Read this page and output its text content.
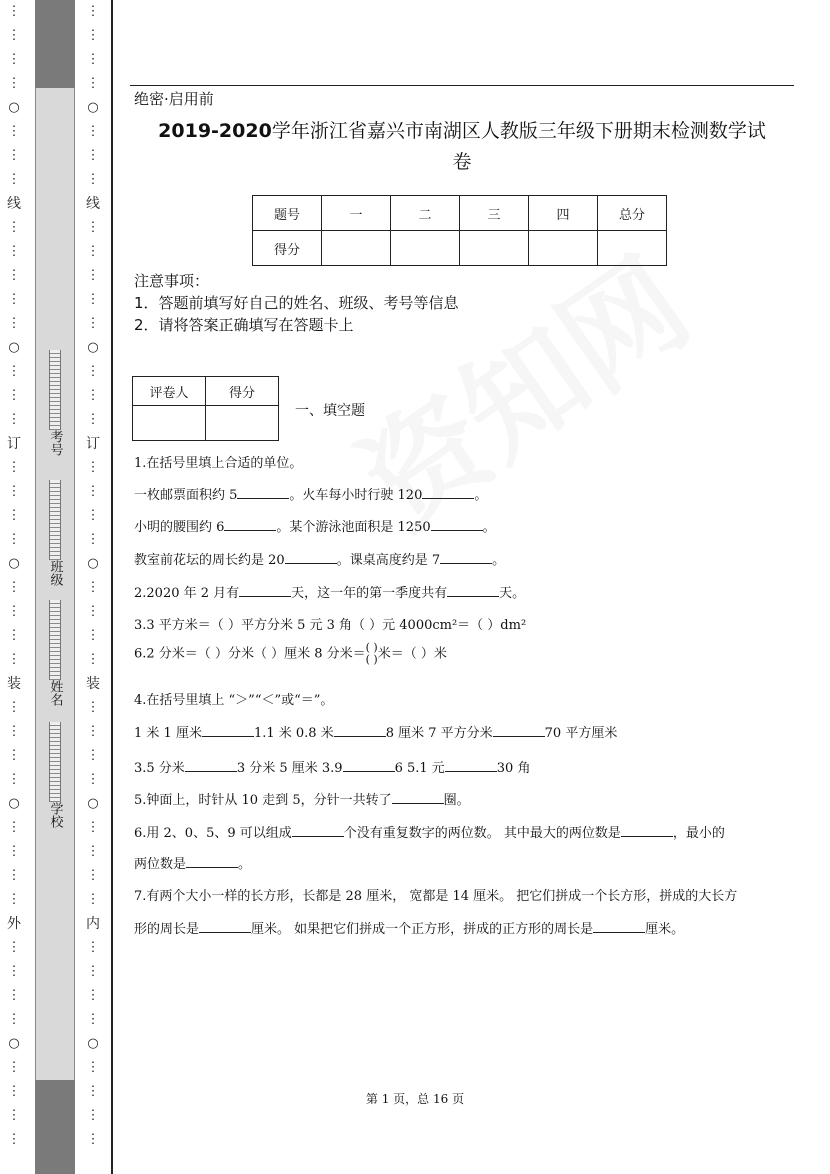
⋮
⋮
⋮
⋮
○
⋮
⋮
⋮
线
⋮
⋮
⋮
⋮
⋮
○
⋮
⋮
⋮
订
⋮
⋮
⋮
⋮
○
⋮
⋮
⋮
⋮
装
⋮
⋮
⋮
⋮
○
⋮
⋮
⋮
⋮
外
⋮
⋮
⋮
⋮
○
⋮
⋮
⋮
⋮
考号
班级
姓名
学校
⋮
⋮
⋮
⋮
○
⋮
⋮
⋮
线
⋮
⋮
⋮
⋮
⋮
○
⋮
⋮
⋮
订
⋮
⋮
⋮
⋮
○
⋮
⋮
⋮
⋮
装
⋮
⋮
⋮
⋮
○
⋮
⋮
⋮
⋮
内
⋮
⋮
⋮
⋮
○
⋮
⋮
⋮
⋮
绝密·启用前
2019-2020学年浙江省嘉兴市南湖区人教版三年级下册期末检测数学试
卷
题号	一	二	三	四	总分
得分					
注意事项：
1．答题前填写好自己的姓名、班级、考号等信息
2．请将答案正确填写在答题卡上
评卷人	得分

一、填空题
1.在括号里填上合适的单位。
一枚邮票面积约 5	。火车每小时行驶 120	。
小明的腰围约 6	。某个游泳池面积是 1250	。
教室前花坛的周长约是 20	。课桌高度约是 7	。
2.2020 年 2 月有	天，这一年的第一季度共有	天。
3.3 平方米＝（ ）平方分米 5 元 3 角（ ）元 4000cm²＝（ ）dm²
6.2 分米＝（ ）分米（ ）厘米 8 分米＝( )
( )米＝（ ）米
4.在括号里填上 “＞”“＜”或“＝”。
1 米 1 厘米	1.1 米 0.8 米	8 厘米 7 平方分米	70 平方厘米
3.5 分米	3 分米 5 厘米 3.9	6 5.1 元	30 角
5.钟面上，时针从 10 走到 5，分针一共转了	圈。
6.用 2、0、5、9 可以组成	个没有重复数字的两位数。 其中最大的两位数是	，最小的
两位数是	。
7.有两个大小一样的长方形，长都是 28 厘米， 宽都是 14 厘米。 把它们拼成一个长方形，拼成的大长方
形的周长是	厘米。 如果把它们拼成一个正方形，拼成的正方形的周长是	厘米。
第 1 页，总 16 页
